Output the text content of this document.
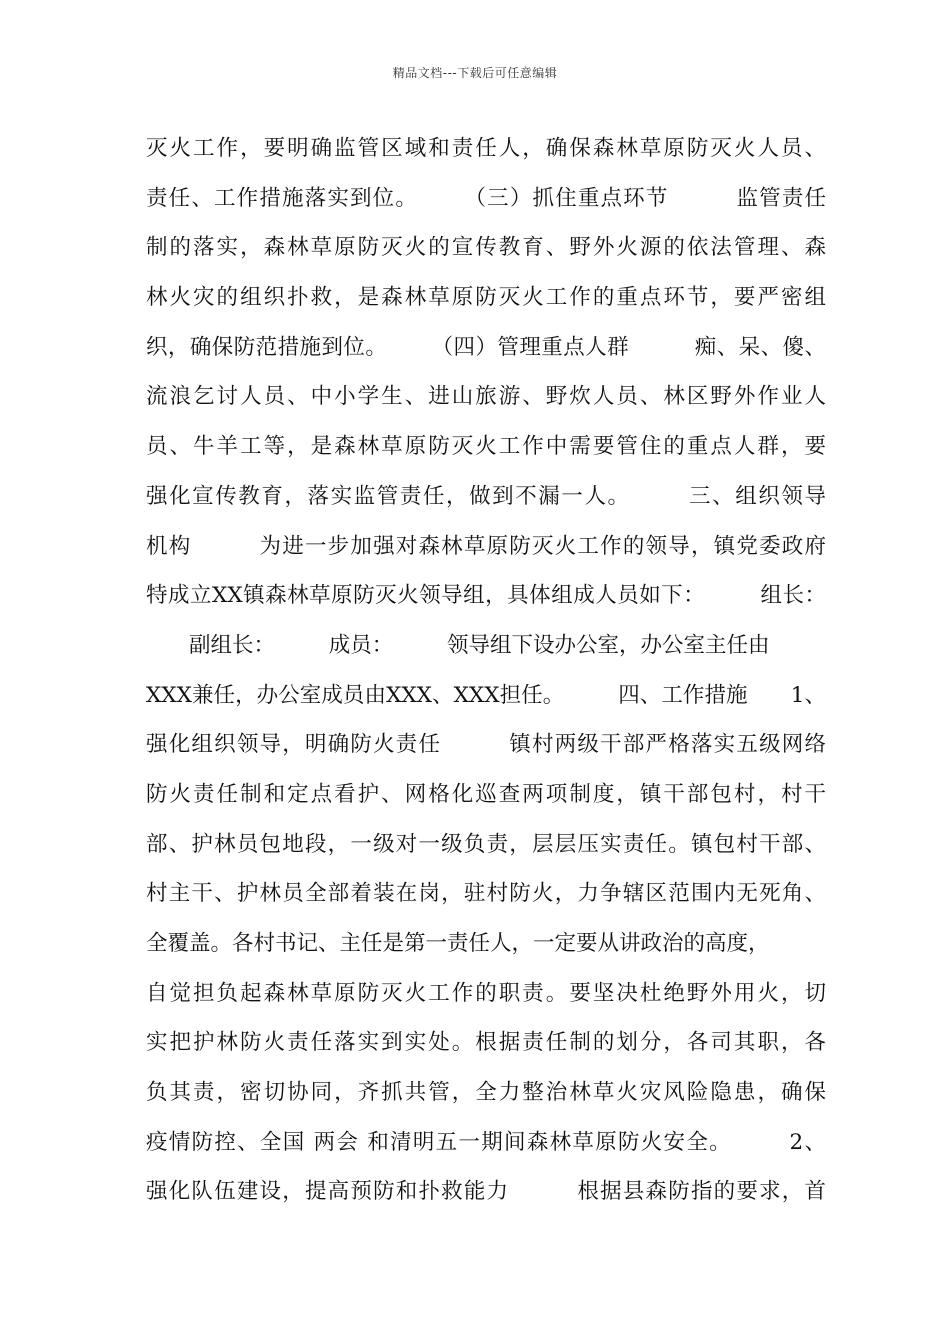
精品文档---下载后可任意编辑
灭火工作，要明确监管区域和责任人，确保森林草原防灭火人员、
责任、工作措施落实到位。　　　（三）抓住重点环节　　　监管责任
制的落实，森林草原防灭火的宣传教育、野外火源的依法管理、森
林火灾的组织扑救，是森林草原防灭火工作的重点环节，要严密组
织，确保防范措施到位。　　　（四）管理重点人群　　　痴、呆、傻、
流浪乞讨人员、中小学生、进山旅游、野炊人员、林区野外作业人
员、牛羊工等，是森林草原防灭火工作中需要管住的重点人群，要
强化宣传教育，落实监管责任，做到不漏一人。　　　三、组织领导
机构　　　为进一步加强对森林草原防灭火工作的领导，镇党委政府
特成立XX镇森林草原防灭火领导组，具体组成人员如下：　　　组长：
　　副组长：　　　成员：　　　领导组下设办公室，办公室主任由
XXX兼任，办公室成员由XXX、XXX担任。　　　四、工作措施　　1、
强化组织领导，明确防火责任　　　镇村两级干部严格落实五级网络
防火责任制和定点看护、网格化巡查两项制度，镇干部包村，村干
部、护林员包地段，一级对一级负责，层层压实责任。镇包村干部、
村主干、护林员全部着装在岗，驻村防火，力争辖区范围内无死角、
全覆盖。各村书记、主任是第一责任人，一定要从讲政治的高度，
自觉担负起森林草原防灭火工作的职责。要坚决杜绝野外用火，切
实把护林防火责任落实到实处。根据责任制的划分，各司其职，各
负其责，密切协同，齐抓共管，全力整治林草火灾风险隐患，确保
疫情防控、全国 两会 和清明五一期间森林草原防火安全。　　　2、
强化队伍建设，提高预防和扑救能力　　　根据县森防指的要求，首
